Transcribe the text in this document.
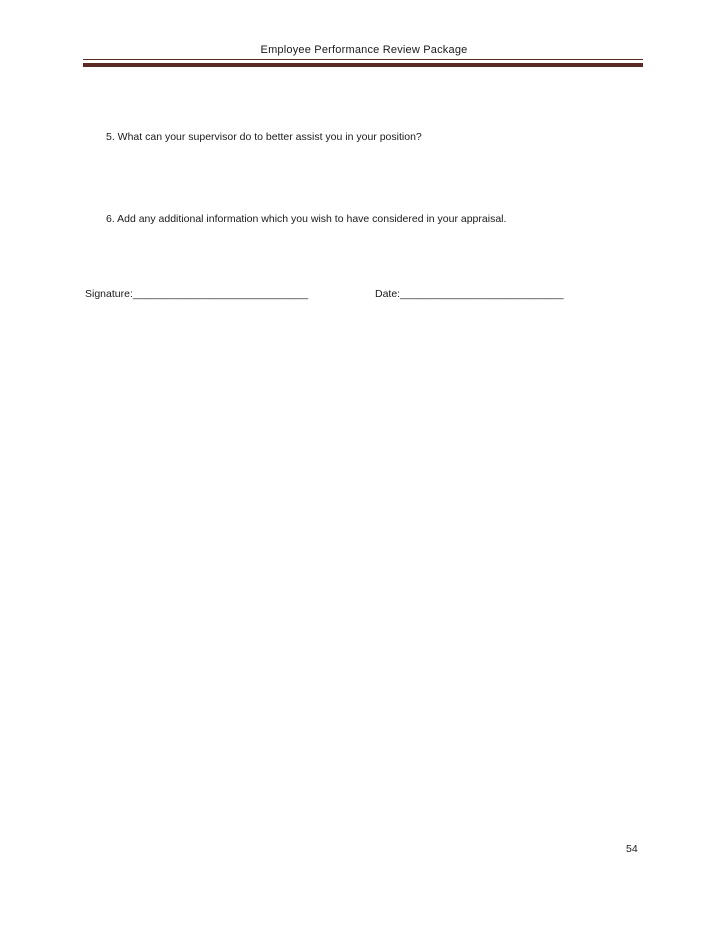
Employee Performance Review Package
5. What can your supervisor do to better assist you in your position?
6. Add any additional information which you wish to have considered in your appraisal.
Signature:______________________________	Date:____________________________
54
